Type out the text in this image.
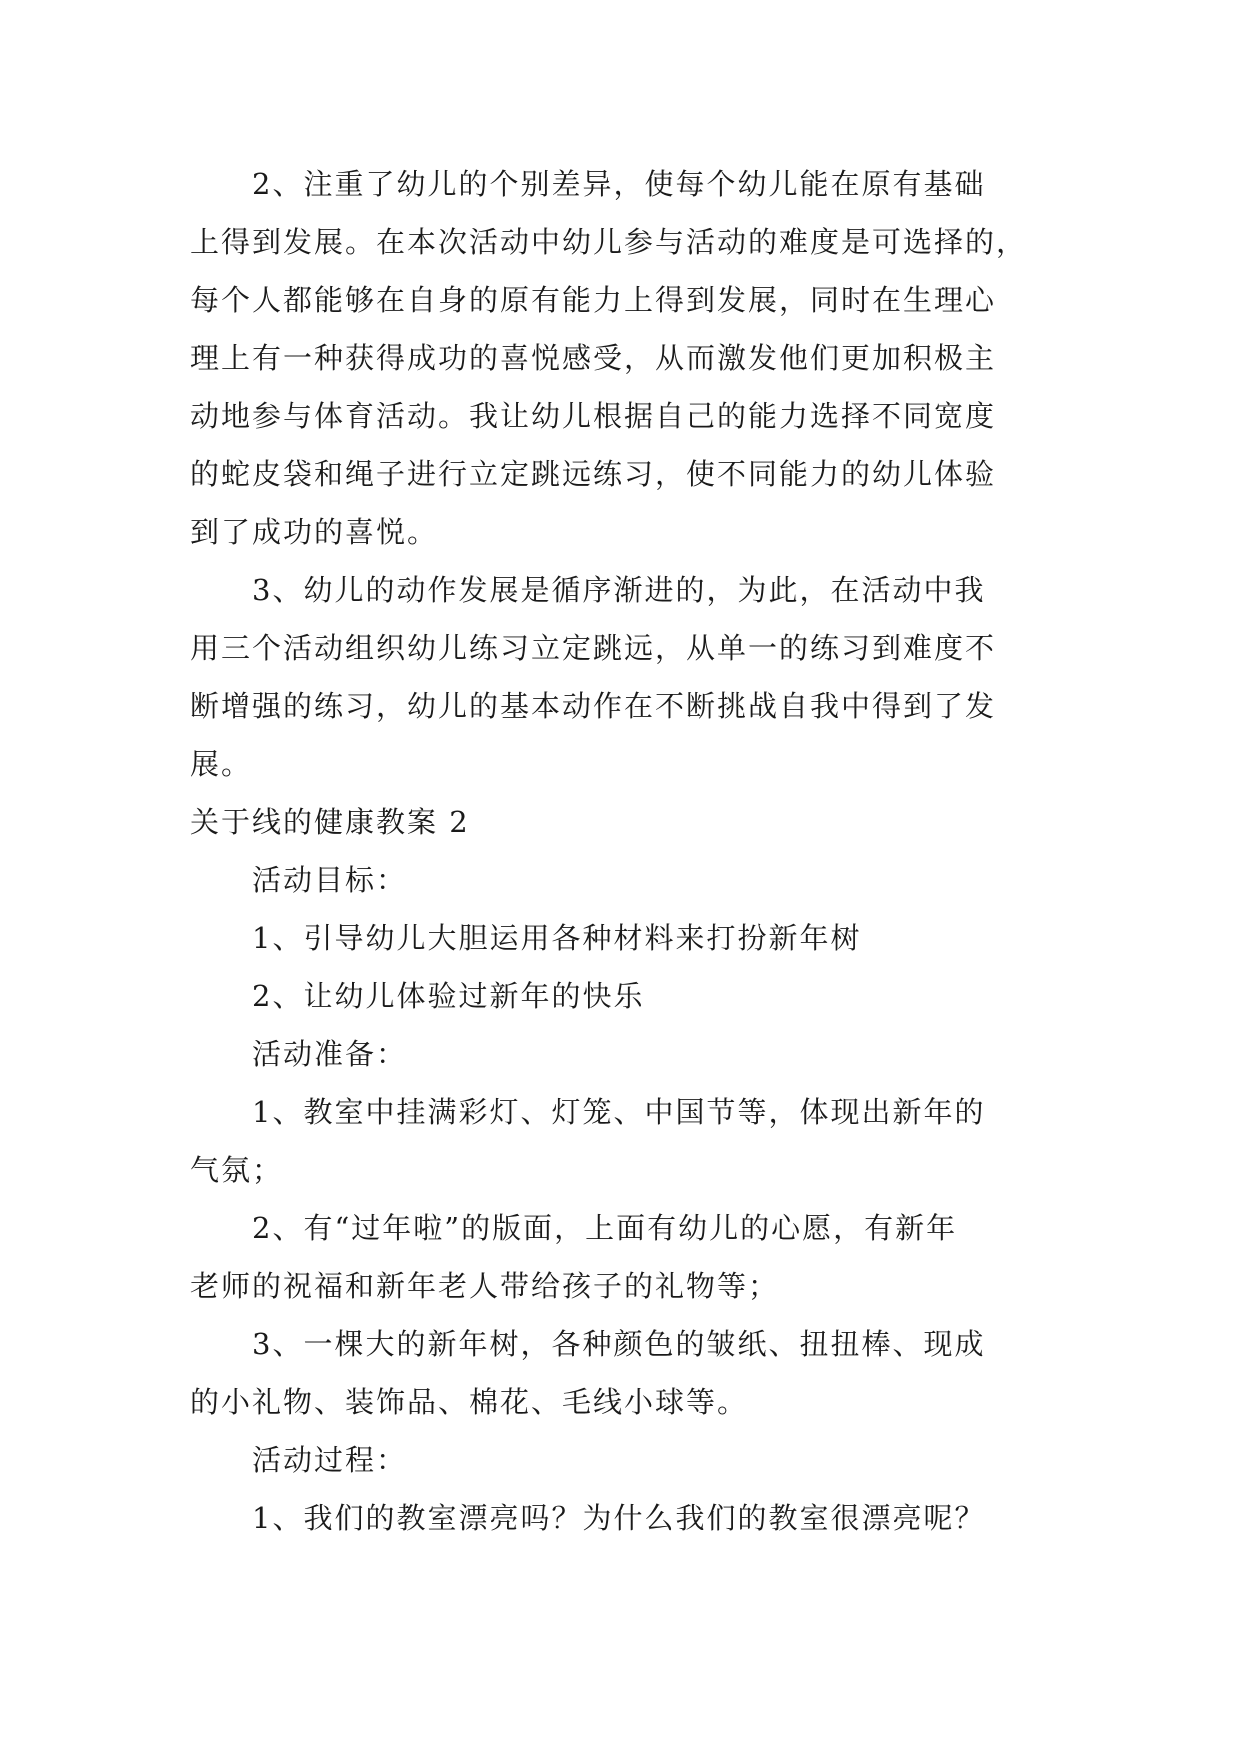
2、注重了幼儿的个别差异，使每个幼儿能在原有基础
上得到发展。在本次活动中幼儿参与活动的难度是可选择的，
每个人都能够在自身的原有能力上得到发展，同时在生理心
理上有一种获得成功的喜悦感受，从而激发他们更加积极主
动地参与体育活动。我让幼儿根据自己的能力选择不同宽度
的蛇皮袋和绳子进行立定跳远练习，使不同能力的幼儿体验
到了成功的喜悦。
3、幼儿的动作发展是循序渐进的，为此，在活动中我
用三个活动组织幼儿练习立定跳远，从单一的练习到难度不
断增强的练习，幼儿的基本动作在不断挑战自我中得到了发
展。
关于线的健康教案 2
活动目标：
1、引导幼儿大胆运用各种材料来打扮新年树
2、让幼儿体验过新年的快乐
活动准备：
1、教室中挂满彩灯、灯笼、中国节等，体现出新年的
气氛；
2、有“过年啦”的版面，上面有幼儿的心愿，有新年
老师的祝福和新年老人带给孩子的礼物等；
3、一棵大的新年树，各种颜色的皱纸、扭扭棒、现成
的小礼物、装饰品、棉花、毛线小球等。
活动过程：
1、我们的教室漂亮吗？为什么我们的教室很漂亮呢？
